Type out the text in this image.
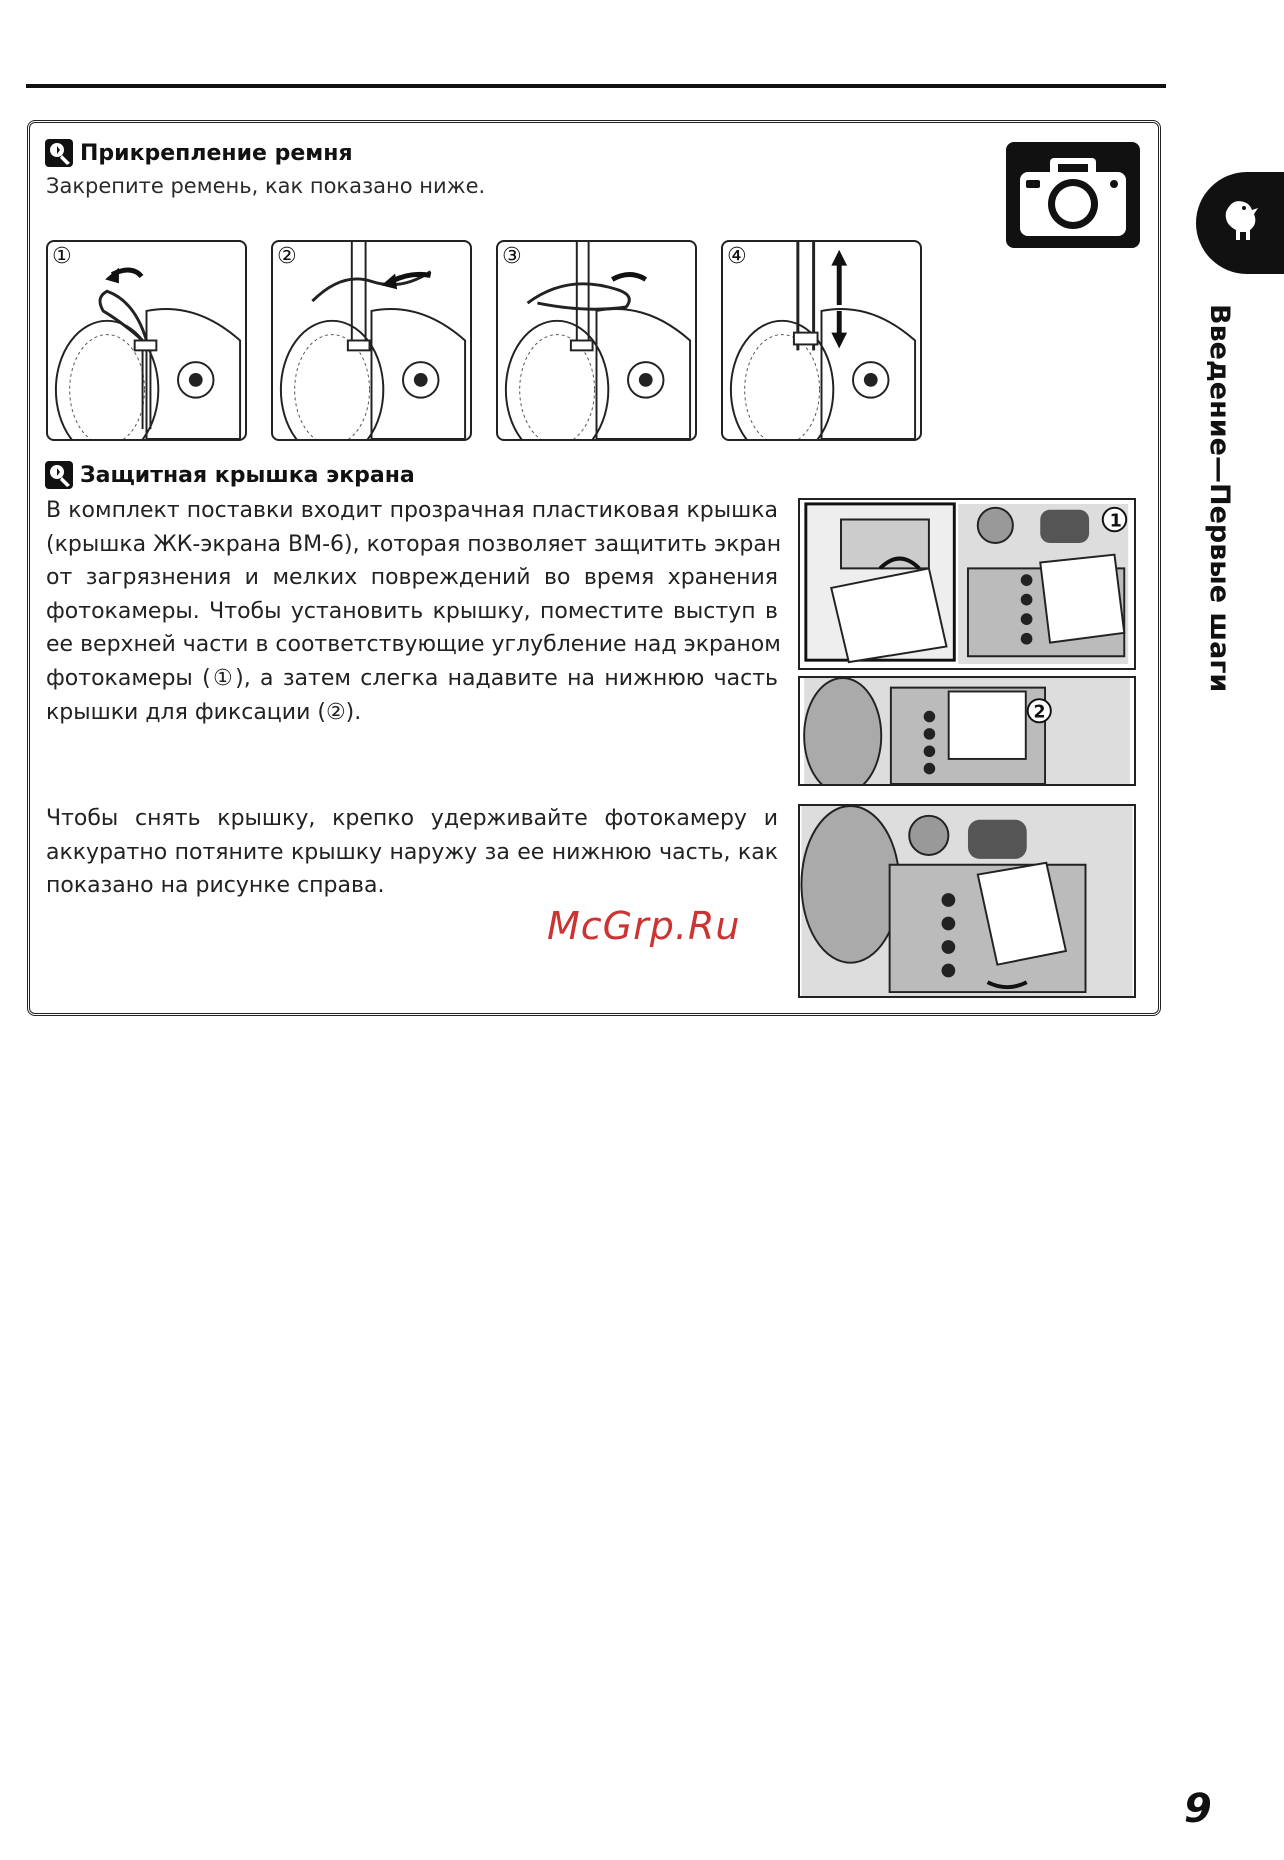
Прикрепление ремня
Закрепите ремень, как показано ниже.
①	②	③	④
Защитная крышка экрана
В комплект поставки входит прозрачная пластиковая крышка
(крышка ЖК-экрана BM-6), которая позволяет защитить экран
от загрязнения и мелких повреждений во время хранения
фотокамеры. Чтобы установить крышку, поместите выступ в
ее верхней части в соответствующие углубление над экраном
фотокамеры (①), а затем слегка надавите на нижнюю часть
крышки для фиксации (②).
Чтобы снять крышку, крепко удерживайте фотокамеру и
аккуратно потяните крышку наружу за ее нижнюю часть, как
показано на рисунке справа.
1
2
McGrp.Ru
Введение—Первые шаги
9
